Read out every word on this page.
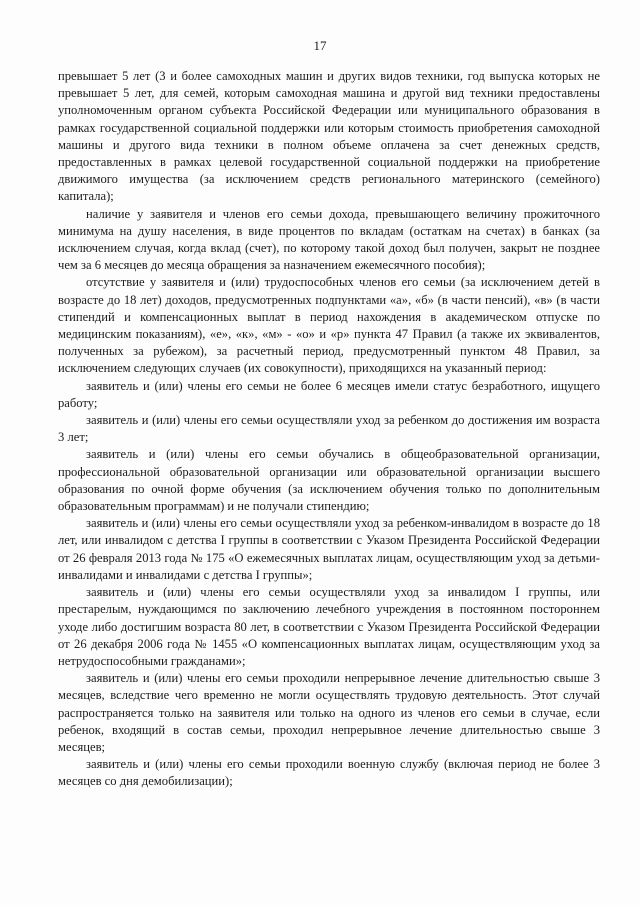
17

превышает 5 лет (3 и более самоходных машин и других видов техники, год выпуска которых не превышает 5 лет, для семей, которым самоходная машина и другой вид техники предоставлены уполномоченным органом субъекта Российской Федерации или муниципального образования в рамках государственной социальной поддержки или которым стоимость приобретения самоходной машины и другого вида техники в полном объеме оплачена за счет денежных средств, предоставленных в рамках целевой государственной социальной поддержки на приобретение движимого имущества (за исключением средств регионального материнского (семейного) капитала);

наличие у заявителя и членов его семьи дохода, превышающего величину прожиточного минимума на душу населения, в виде процентов по вкладам (остаткам на счетах) в банках (за исключением случая, когда вклад (счет), по которому такой доход был получен, закрыт не позднее чем за 6 месяцев до месяца обращения за назначением ежемесячного пособия);

отсутствие у заявителя и (или) трудоспособных членов его семьи (за исключением детей в возрасте до 18 лет) доходов, предусмотренных подпунктами «а», «б» (в части пенсий), «в» (в части стипендий и компенсационных выплат в период нахождения в академическом отпуске по медицинским показаниям), «е», «к», «м» - «о» и «р» пункта 47 Правил (а также их эквивалентов, полученных за рубежом), за расчетный период, предусмотренный пунктом 48 Правил, за исключением следующих случаев (их совокупности), приходящихся на указанный период:

заявитель и (или) члены его семьи не более 6 месяцев имели статус безработного, ищущего работу;

заявитель и (или) члены его семьи осуществляли уход за ребенком до достижения им возраста 3 лет;

заявитель и (или) члены его семьи обучались в общеобразовательной организации, профессиональной образовательной организации или образовательной организации высшего образования по очной форме обучения (за исключением обучения только по дополнительным образовательным программам) и не получали стипендию;

заявитель и (или) члены его семьи осуществляли уход за ребенком-инвалидом в возрасте до 18 лет, или инвалидом с детства I группы в соответствии с Указом Президента Российской Федерации от 26 февраля 2013 года № 175 «О ежемесячных выплатах лицам, осуществляющим уход за детьми-инвалидами и инвалидами с детства I группы»;

заявитель и (или) члены его семьи осуществляли уход за инвалидом I группы, или престарелым, нуждающимся по заключению лечебного учреждения в постоянном постороннем уходе либо достигшим возраста 80 лет, в соответствии с Указом Президента Российской Федерации от 26 декабря 2006 года № 1455 «О компенсационных выплатах лицам, осуществляющим уход за нетрудоспособными гражданами»;

заявитель и (или) члены его семьи проходили непрерывное лечение длительностью свыше 3 месяцев, вследствие чего временно не могли осуществлять трудовую деятельность. Этот случай распространяется только на заявителя или только на одного из членов его семьи в случае, если ребенок, входящий в состав семьи, проходил непрерывное лечение длительностью свыше 3 месяцев;

заявитель и (или) члены его семьи проходили военную службу (включая период не более 3 месяцев со дня демобилизации);
